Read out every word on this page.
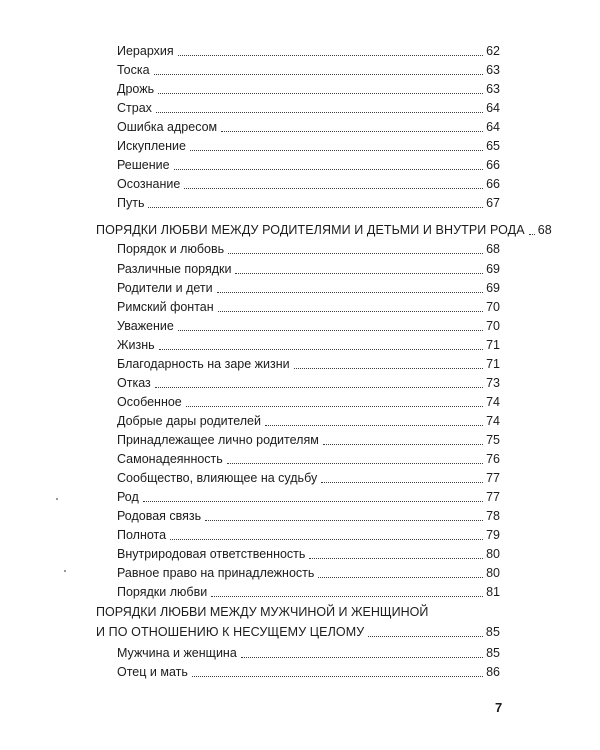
Иерархия	62
Тоска	63
Дрожь	63
Страх	64
Ошибка адресом	64
Искупление	65
Решение	66
Осознание	66
Путь	67
ПОРЯДКИ ЛЮБВИ МЕЖДУ РОДИТЕЛЯМИ И ДЕТЬМИ И ВНУТРИ РОДА 68
Порядок и любовь	68
Различные порядки	69
Родители и дети	69
Римский фонтан	70
Уважение	70
Жизнь	71
Благодарность на заре жизни	71
Отказ	73
Особенное	74
Добрые дары родителей	74
Принадлежащее лично родителям	75
Самонадеянность	76
Сообщество, влияющее на судьбу	77
Род	77
Родовая связь	78
Полнота	79
Внутриродовая ответственность	80
Равное право на принадлежность	80
Порядки любви	81
ПОРЯДКИ ЛЮБВИ МЕЖДУ МУЖЧИНОЙ И ЖЕНЩИНОЙ
И ПО ОТНОШЕНИЮ К НЕСУЩЕМУ ЦЕЛОМУ	85
Мужчина и женщина	85
Отец и мать	86
7
